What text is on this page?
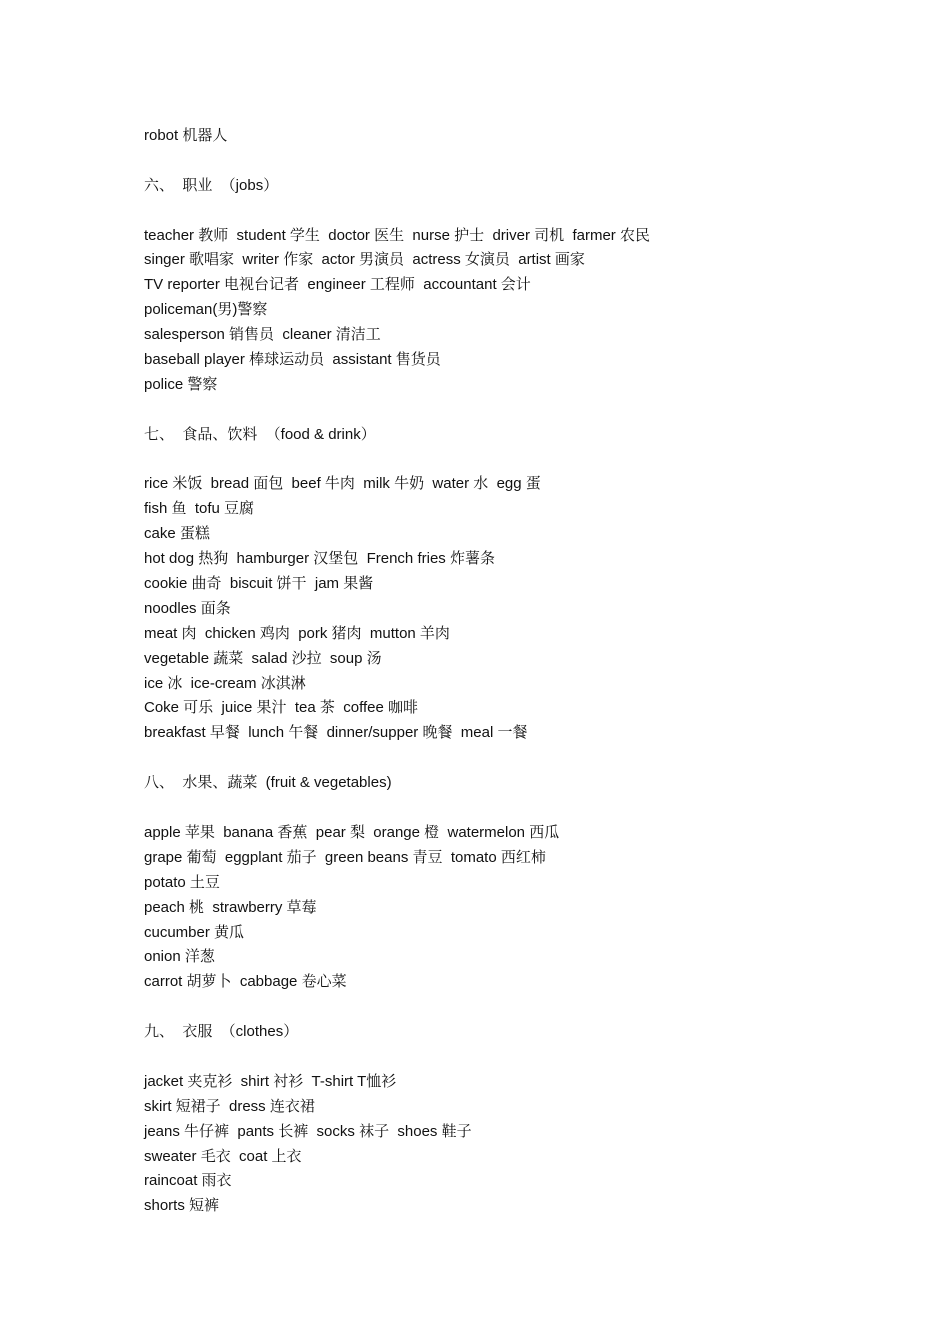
robot 机器人
六、  职业  （jobs）
teacher 教师  student 学生  doctor 医生  nurse 护士  driver 司机  farmer 农民
singer 歌唱家  writer 作家  actor 男演员  actress 女演员  artist 画家
TV reporter 电视台记者  engineer 工程师  accountant 会计
policeman(男)警察
salesperson 销售员  cleaner 清洁工
baseball player 棒球运动员  assistant 售货员
police 警察
七、  食品、饮料  （food & drink）
rice 米饭  bread 面包  beef 牛肉  milk 牛奶  water 水  egg 蛋
fish 鱼  tofu 豆腐
cake 蛋糕
hot dog 热狗  hamburger 汉堡包  French fries 炸薯条
cookie 曲奇  biscuit 饼干  jam 果酱
noodles 面条
meat 肉  chicken 鸡肉  pork 猪肉  mutton 羊肉
vegetable 蔬菜  salad 沙拉  soup 汤
ice 冰  ice-cream 冰淇淋
Coke 可乐  juice 果汁  tea 茶  coffee 咖啡
breakfast 早餐  lunch 午餐  dinner/supper 晚餐  meal 一餐
八、  水果、蔬菜  (fruit & vegetables)
apple 苹果  banana 香蕉  pear 梨  orange 橙  watermelon 西瓜
grape 葡萄  eggplant 茄子  green beans 青豆  tomato 西红柿
potato 土豆
peach 桃  strawberry 草莓
cucumber 黄瓜
onion 洋葱
carrot 胡萝卜  cabbage 卷心菜
九、  衣服  （clothes）
jacket 夹克衫  shirt 衬衫  T-shirt T恤衫
skirt 短裙子  dress 连衣裙
jeans 牛仔裤  pants 长裤  socks 袜子  shoes 鞋子
sweater 毛衣  coat 上衣
raincoat 雨衣
shorts 短裤
